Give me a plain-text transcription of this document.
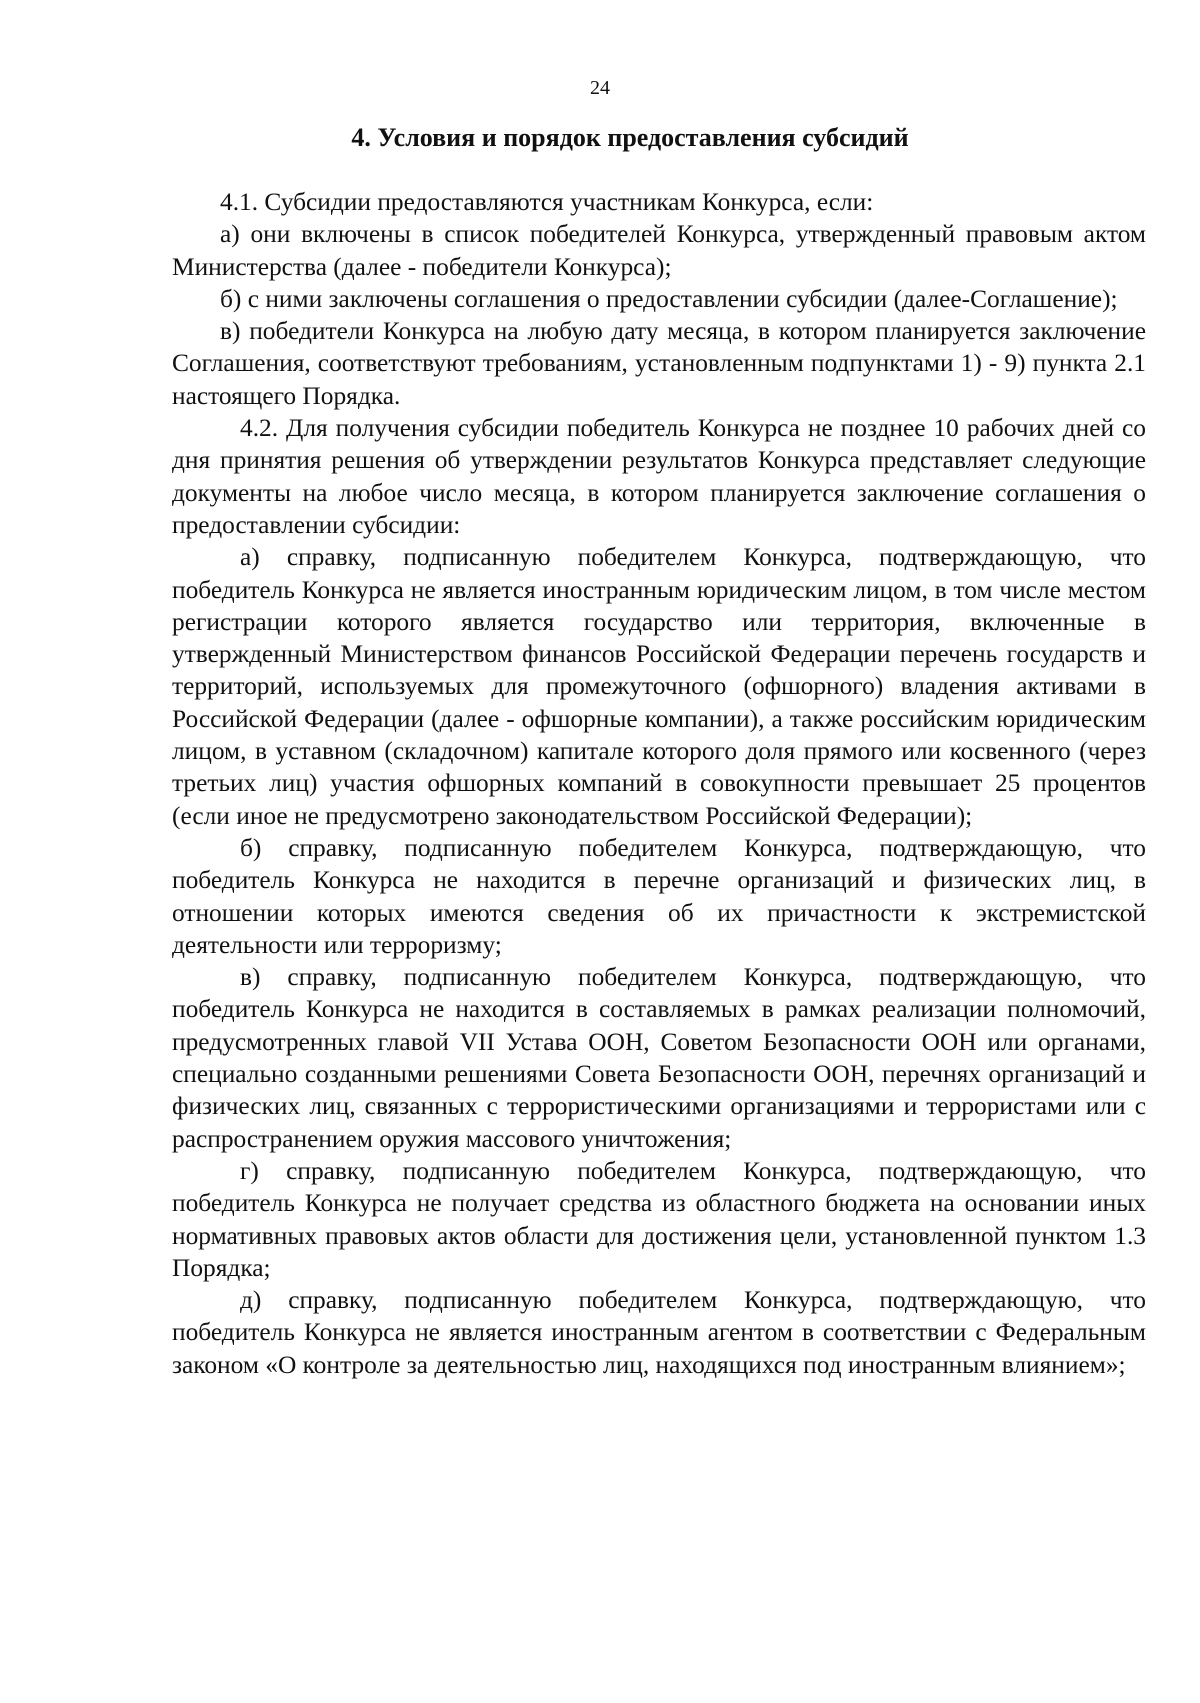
24
4. Условия и порядок предоставления субсидий

4.1. Субсидии предоставляются участникам Конкурса, если:

а) они включены в список победителей Конкурса, утвержденный правовым актом Министерства (далее - победители Конкурса);

б) с ними заключены соглашения о предоставлении субсидии (далее-Соглашение);

в) победители Конкурса на любую дату месяца, в котором планируется заключение Соглашения, соответствуют требованиям, установленным подпунктами 1) - 9) пункта 2.1 настоящего Порядка.

4.2. Для получения субсидии победитель Конкурса не позднее 10 рабочих дней со дня принятия решения об утверждении результатов Конкурса представляет следующие документы на любое число месяца, в котором планируется заключение соглашения о предоставлении субсидии:

а) справку, подписанную победителем Конкурса, подтверждающую, что победитель Конкурса не является иностранным юридическим лицом, в том числе местом регистрации которого является государство или территория, включенные в утвержденный Министерством финансов Российской Федерации перечень государств и территорий, используемых для промежуточного (офшорного) владения активами в Российской Федерации (далее - офшорные компании), а также российским юридическим лицом, в уставном (складочном) капитале которого доля прямого или косвенного (через третьих лиц) участия офшорных компаний в совокупности превышает 25 процентов (если иное не предусмотрено законодательством Российской Федерации);

б) справку, подписанную победителем Конкурса, подтверждающую, что победитель Конкурса не находится в перечне организаций и физических лиц, в отношении которых имеются сведения об их причастности к экстремистской деятельности или терроризму;

в) справку, подписанную победителем Конкурса, подтверждающую, что победитель Конкурса не находится в составляемых в рамках реализации полномочий, предусмотренных главой VII Устава ООН, Советом Безопасности ООН или органами, специально созданными решениями Совета Безопасности ООН, перечнях организаций и физических лиц, связанных с террористическими организациями и террористами или с распространением оружия массового уничтожения;

г) справку, подписанную победителем Конкурса, подтверждающую, что победитель Конкурса не получает средства из областного бюджета на основании иных нормативных правовых актов области для достижения цели, установленной пунктом 1.3 Порядка;

д) справку, подписанную победителем Конкурса, подтверждающую, что победитель Конкурса не является иностранным агентом в соответствии с Федеральным законом «О контроле за деятельностью лиц, находящихся под иностранным влиянием»;
